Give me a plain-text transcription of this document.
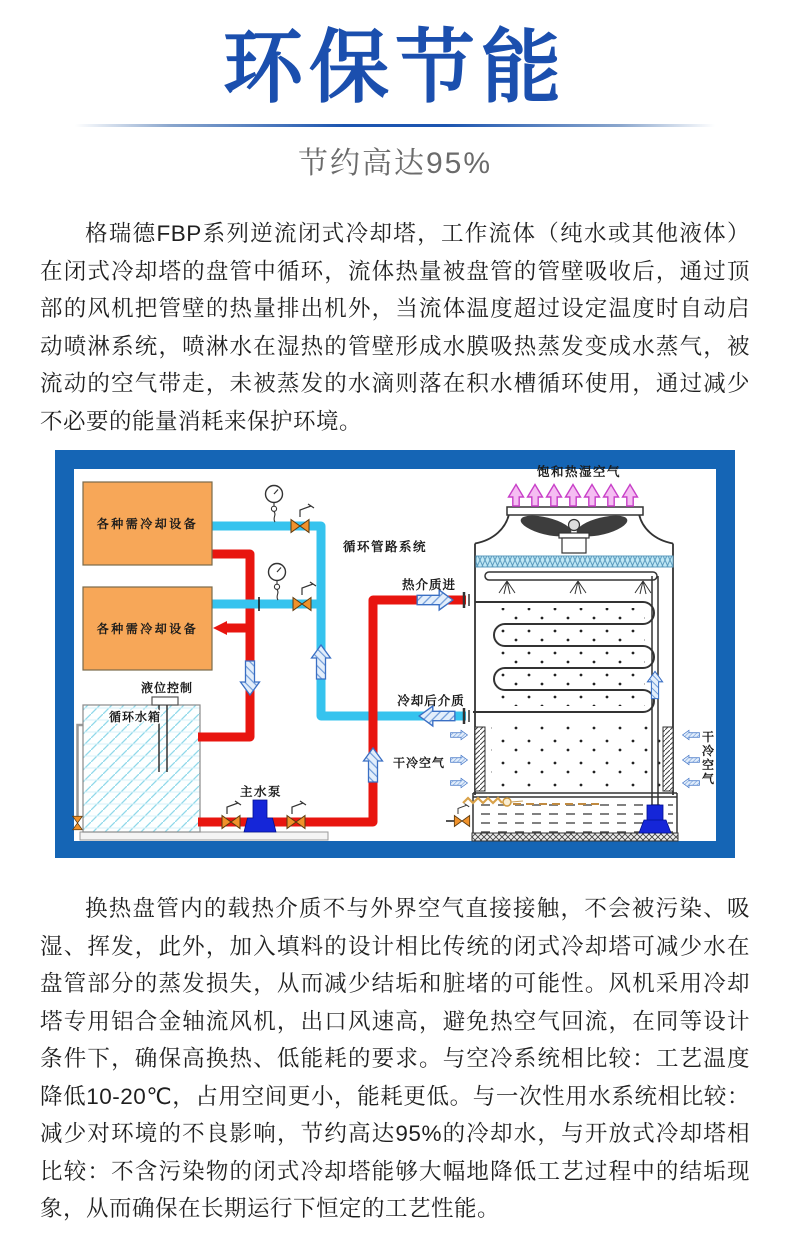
环保节能
节约高达95%

格瑞德FBP系列逆流闭式冷却塔，工作流体（纯水或其他液体）在闭式冷却塔的盘管中循环，流体热量被盘管的管壁吸收后，通过顶部的风机把管壁的热量排出机外，当流体温度超过设定温度时自动启动喷淋系统，喷淋水在湿热的管壁形成水膜吸热蒸发变成水蒸气，被流动的空气带走，未被蒸发的水滴则落在积水槽循环使用，通过减少不必要的能量消耗来保护环境。

各种需冷却设备
各种需冷却设备
主水泵
饱和热湿空气
循环管路系统
热介质进
冷却后介质
干冷空气
干
冷
空
气
液位控制
循环水箱

换热盘管内的载热介质不与外界空气直接接触，不会被污染、吸湿、挥发，此外，加入填料的设计相比传统的闭式冷却塔可减少水在盘管部分的蒸发损失，从而减少结垢和脏堵的可能性。风机采用冷却塔专用铝合金轴流风机，出口风速高，避免热空气回流，在同等设计条件下，确保高换热、低能耗的要求。与空冷系统相比较：工艺温度降低10-20℃，占用空间更小，能耗更低。与一次性用水系统相比较：减少对环境的不良影响，节约高达95%的冷却水，与开放式冷却塔相比较：不含污染物的闭式冷却塔能够大幅地降低工艺过程中的结垢现象，从而确保在长期运行下恒定的工艺性能。
